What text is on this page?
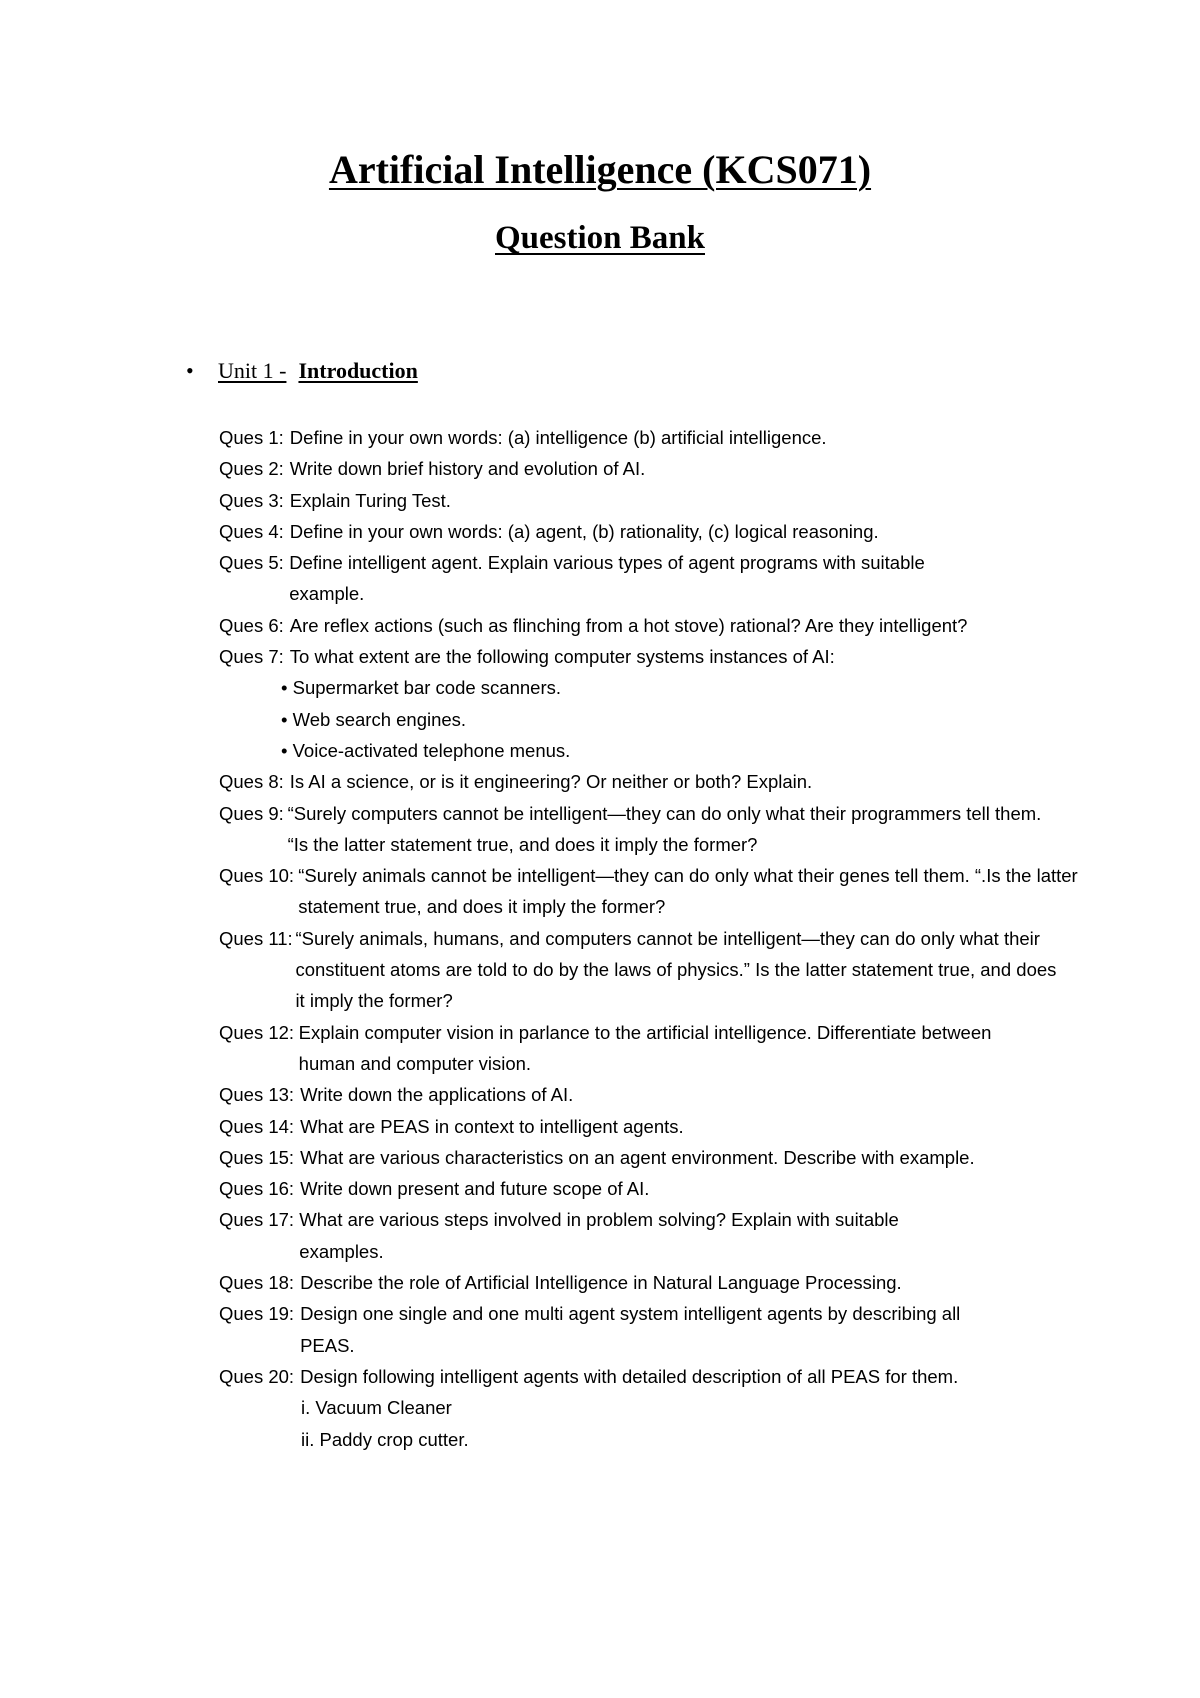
Artificial Intelligence (KCS071)
Question Bank
•	Unit 1 - Introduction
Ques 1: Define in your own words: (a) intelligence (b) artificial intelligence.
Ques 2: Write down brief history and evolution of AI.
Ques 3: Explain Turing Test.
Ques 4: Define in your own words: (a) agent, (b) rationality, (c) logical reasoning.
Ques 5: Define intelligent agent. Explain various types of agent programs with suitable example.
Ques 6: Are reflex actions (such as flinching from a hot stove) rational? Are they intelligent?
Ques 7: To what extent are the following computer systems instances of AI:
• Supermarket bar code scanners.
• Web search engines.
• Voice-activated telephone menus.
Ques 8: Is AI a science, or is it engineering? Or neither or both? Explain.
Ques 9: “Surely computers cannot be intelligent—they can do only what their programmers tell them. “Is the latter statement true, and does it imply the former?
Ques 10: “Surely animals cannot be intelligent—they can do only what their genes tell them. “.Is the latter statement true, and does it imply the former?
Ques 11: “Surely animals, humans, and computers cannot be intelligent—they can do only what their constituent atoms are told to do by the laws of physics.” Is the latter statement true, and does it imply the former?
Ques 12: Explain computer vision in parlance to the artificial intelligence. Differentiate between human and computer vision.
Ques 13: Write down the applications of AI.
Ques 14: What are PEAS in context to intelligent agents.
Ques 15: What are various characteristics on an agent environment. Describe with example.
Ques 16: Write down present and future scope of AI.
Ques 17: What are various steps involved in problem solving? Explain with suitable examples.
Ques 18: Describe the role of Artificial Intelligence in Natural Language Processing.
Ques 19: Design one single and one multi agent system intelligent agents by describing all PEAS.
Ques 20: Design following intelligent agents with detailed description of all PEAS for them.
i. Vacuum Cleaner
ii. Paddy crop cutter.
